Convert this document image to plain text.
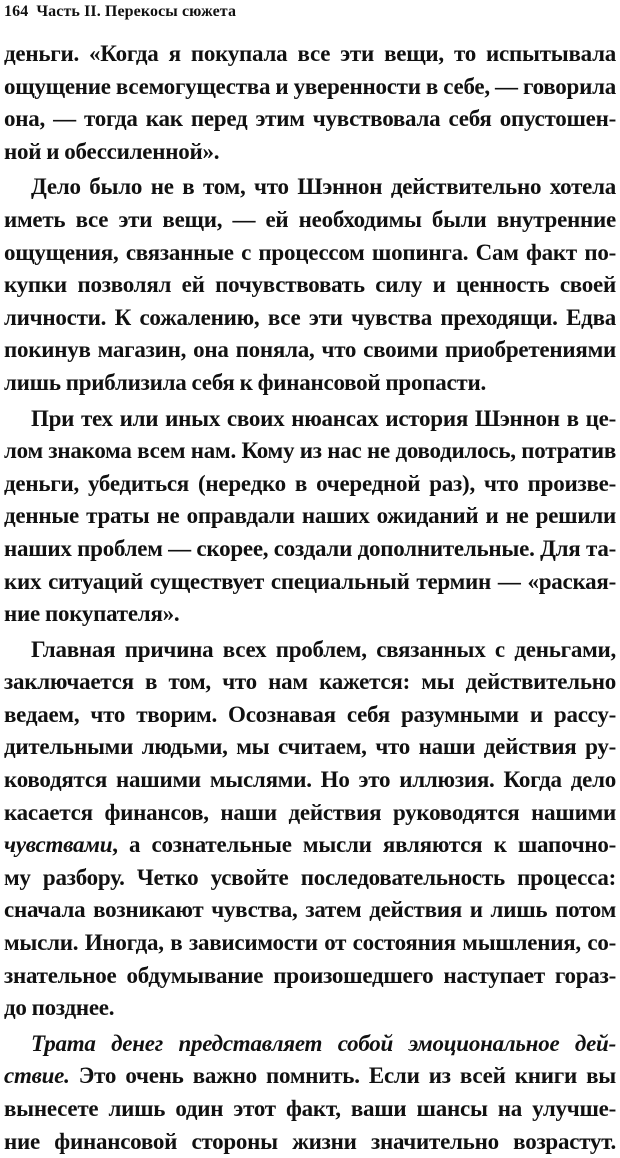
164 Часть II. Перекосы сюжета
деньги. «Когда я покупала все эти вещи, то испытывала
ощущение всемогущества и уверенности в себе, — говорила
она, — тогда как перед этим чувствовала себя опустошен-
ной и обессиленной».
Дело было не в том, что Шэннон действительно хотела
иметь все эти вещи, — ей необходимы были внутренние
ощущения, связанные с процессом шопинга. Сам факт по-
купки позволял ей почувствовать силу и ценность своей
личности. К сожалению, все эти чувства преходящи. Едва
покинув магазин, она поняла, что своими приобретениями
лишь приблизила себя к финансовой пропасти.
При тех или иных своих нюансах история Шэннон в це-
лом знакома всем нам. Кому из нас не доводилось, потратив
деньги, убедиться (нередко в очередной раз), что произве-
денные траты не оправдали наших ожиданий и не решили
наших проблем — скорее, создали дополнительные. Для та-
ких ситуаций существует специальный термин — «раская-
ние покупателя».
Главная причина всех проблем, связанных с деньгами,
заключается в том, что нам кажется: мы действительно
ведаем, что творим. Осознавая себя разумными и рассу-
дительными людьми, мы считаем, что наши действия ру-
ководятся нашими мыслями. Но это иллюзия. Когда дело
касается финансов, наши действия руководятся нашими
чувствами, а сознательные мысли являются к шапочно-
му разбору. Четко усвойте последовательность процесса:
сначала возникают чувства, затем действия и лишь потом
мысли. Иногда, в зависимости от состояния мышления, со-
знательное обдумывание произошедшего наступает гораз-
до позднее.
Трата денег представляет собой эмоциональное дей-
ствие. Это очень важно помнить. Если из всей книги вы
вынесете лишь один этот факт, ваши шансы на улучше-
ние финансовой стороны жизни значительно возрастут.
